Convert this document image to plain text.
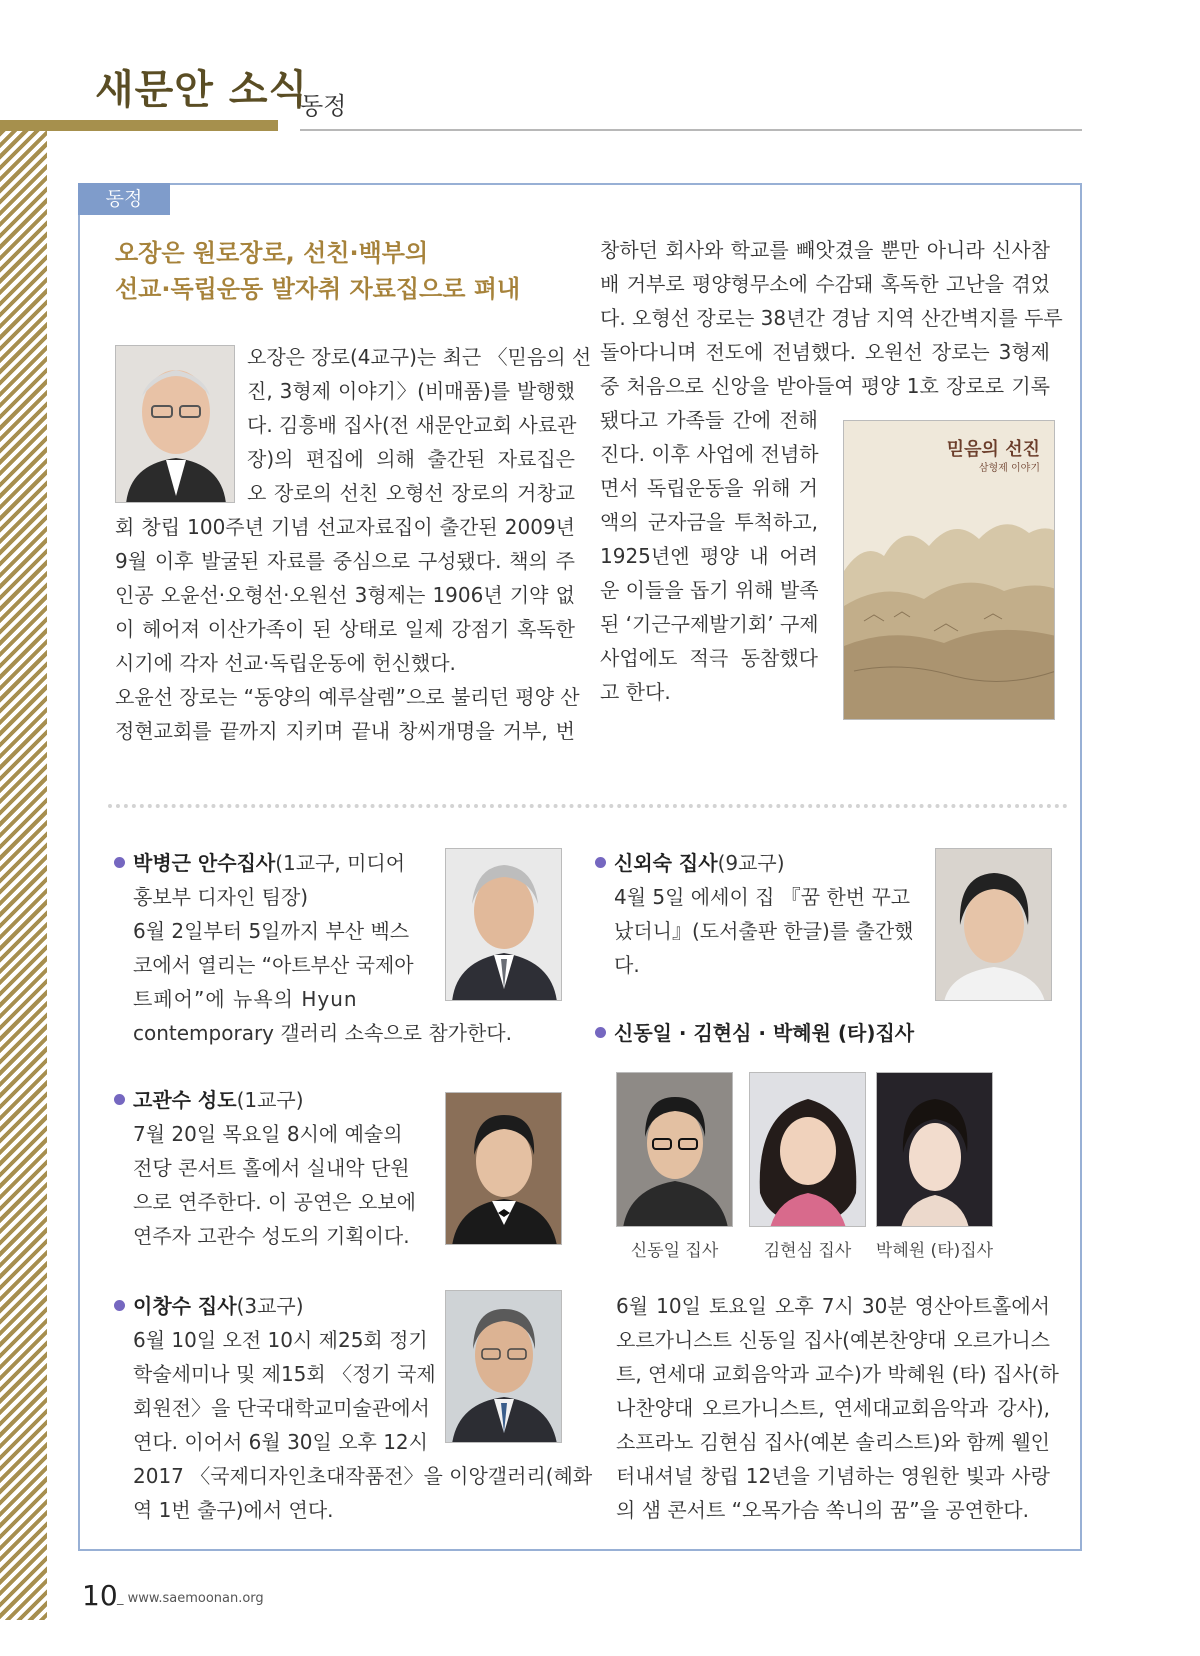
새문안 소식
동정
동정
오장은 원로장로, 선친·백부의
선교·독립운동 발자취 자료집으로 펴내
오장은 장로(4교구)는 최근 〈믿음의 선
진, 3형제 이야기〉(비매품)를 발행했
다. 김흥배 집사(전 새문안교회 사료관
장)의 편집에 의해 출간된 자료집은
오 장로의 선친 오형선 장로의 거창교
회 창립 100주년 기념 선교자료집이 출간된 2009년
9월 이후 발굴된 자료를 중심으로 구성됐다. 책의 주
인공 오윤선·오형선·오원선 3형제는 1906년 기약 없
이 헤어져 이산가족이 된 상태로 일제 강점기 혹독한
시기에 각자 선교·독립운동에 헌신했다.
오윤선 장로는 “동양의 예루살렘”으로 불리던 평양 산
정현교회를 끝까지 지키며 끝내 창씨개명을 거부, 번
창하던 회사와 학교를 빼앗겼을 뿐만 아니라 신사참
배 거부로 평양형무소에 수감돼 혹독한 고난을 겪었
다. 오형선 장로는 38년간 경남 지역 산간벽지를 두루
돌아다니며 전도에 전념했다. 오원선 장로는 3형제
중 처음으로 신앙을 받아들여 평양 1호 장로로 기록
됐다고 가족들 간에 전해
진다. 이후 사업에 전념하
면서 독립운동을 위해 거
액의 군자금을 투척하고,
1925년엔 평양 내 어려
운 이들을 돕기 위해 발족
된 ‘기근구제발기회’ 구제
사업에도 적극 동참했다
고 한다.
믿음의 선진
삼형제 이야기
박병근 안수집사(1교구, 미디어
홍보부 디자인 팀장)
6월 2일부터 5일까지 부산 벡스
코에서 열리는 “아트부산 국제아
트페어”에 뉴욕의 Hyun
contemporary 갤러리 소속으로 참가한다.
고관수 성도(1교구)
7월 20일 목요일 8시에 예술의
전당 콘서트 홀에서 실내악 단원
으로 연주한다. 이 공연은 오보에
연주자 고관수 성도의 기획이다.
이창수 집사(3교구)
6월 10일 오전 10시 제25회 정기
학술세미나 및 제15회 〈정기 국제
회원전〉을 단국대학교미술관에서
연다. 이어서 6월 30일 오후 12시
2017 〈국제디자인초대작품전〉을 이앙갤러리(혜화
역 1번 출구)에서 연다.
신외숙 집사(9교구)
4월 5일 에세이 집 『꿈 한번 꾸고
났더니』(도서출판 한글)를 출간했
다.
신동일 · 김현심 · 박혜원 (타)집사
신동일 집사	김현심 집사	박혜원 (타)집사
6월 10일 토요일 오후 7시 30분 영산아트홀에서
오르가니스트 신동일 집사(예본찬양대 오르가니스
트, 연세대 교회음악과 교수)가 박혜원 (타) 집사(하
나찬양대 오르가니스트, 연세대교회음악과 강사),
소프라노 김현심 집사(예본 솔리스트)와 함께 웰인
터내셔널 창립 12년을 기념하는 영원한 빛과 사랑
의 샘 콘서트 “오목가슴 쏙니의 꿈”을 공연한다.
10 _ www.saemoonan.org
